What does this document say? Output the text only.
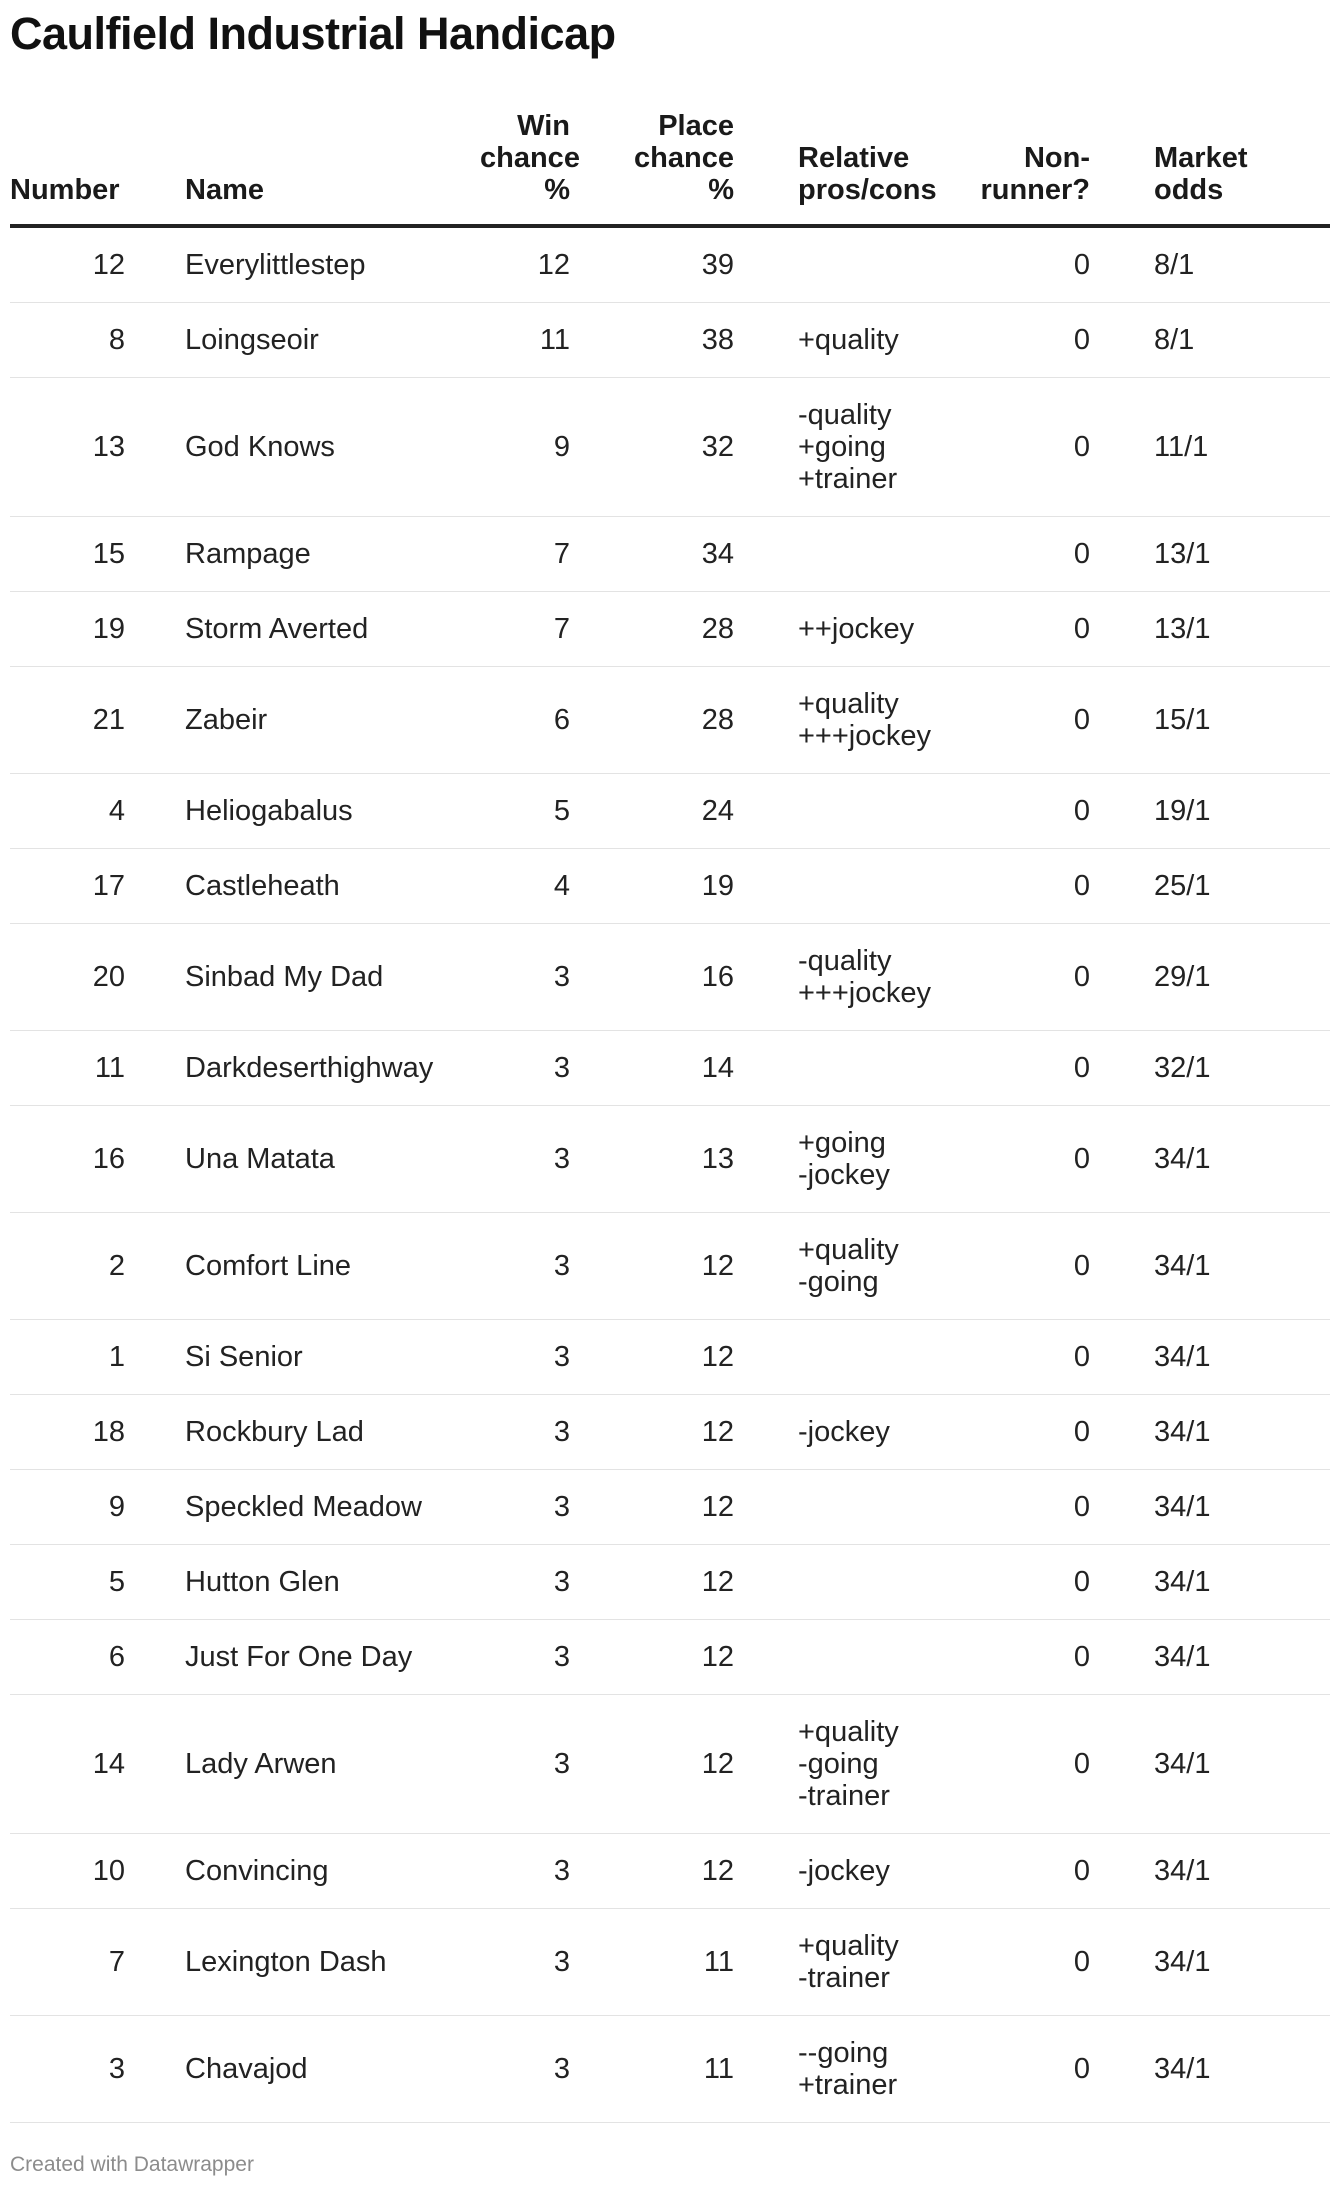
Caulfield Industrial Handicap
Number		Name	Win
chance
%	Place
chance
%	Relative
pros/cons	Non-
runner?	Market
odds
12		Everylittlestep	12	39		0	8/1
8		Loingseoir	11	38	+quality	0	8/1
13		God Knows	9	32	-quality
+going
+trainer	0	11/1
15		Rampage	7	34		0	13/1
19		Storm Averted	7	28	++jockey	0	13/1
21		Zabeir	6	28	+quality
+++jockey	0	15/1
4		Heliogabalus	5	24		0	19/1
17		Castleheath	4	19		0	25/1
20		Sinbad My Dad	3	16	-quality
+++jockey	0	29/1
11		Darkdeserthighway	3	14		0	32/1
16		Una Matata	3	13	+going
-jockey	0	34/1
2		Comfort Line	3	12	+quality
-going	0	34/1
1		Si Senior	3	12		0	34/1
18		Rockbury Lad	3	12	-jockey	0	34/1
9		Speckled Meadow	3	12		0	34/1
5		Hutton Glen	3	12		0	34/1
6		Just For One Day	3	12		0	34/1
14		Lady Arwen	3	12	+quality
-going
-trainer	0	34/1
10		Convincing	3	12	-jockey	0	34/1
7		Lexington Dash	3	11	+quality
-trainer	0	34/1
3		Chavajod	3	11	--going
+trainer	0	34/1
Created with Datawrapper
